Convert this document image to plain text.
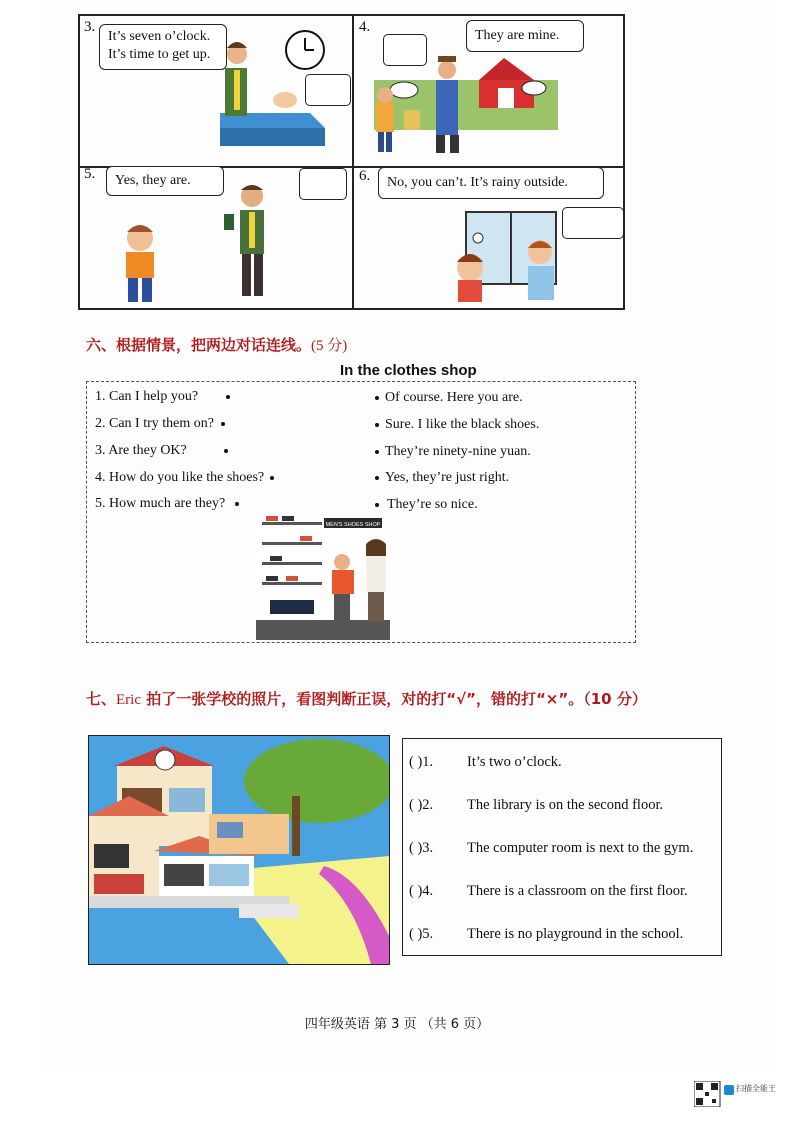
3.
It’s seven o’clock.
It’s time to get up.
4.
They are mine.
5.	Yes, they are.	6.	No, you can’t. It’s rainy outside.
六、根据情景，把两边对话连线。(5 分)
In the clothes shop
1. Can I help you?
2. Can I try them on?
3. Are they OK?
4. How do you like the shoes?
5. How much are they?
Of course. Here you are.
Sure. I like the black shoes.
They’re ninety-nine yuan.
Yes, they’re just right.
They’re so nice.
MEN'S SHOES SHOP
七、Eric 拍了一张学校的照片，看图判断正误，对的打“√”，错的打“×”。（10 分）
( )1. It’s two o’clock.
( )2. The library is on the second floor.
( )3. The computer room is next to the gym.
( )4. There is a classroom on the first floor.
( )5. There is no playground in the school.
四年级英语 第 3 页 （共 6 页）
扫描全能王
